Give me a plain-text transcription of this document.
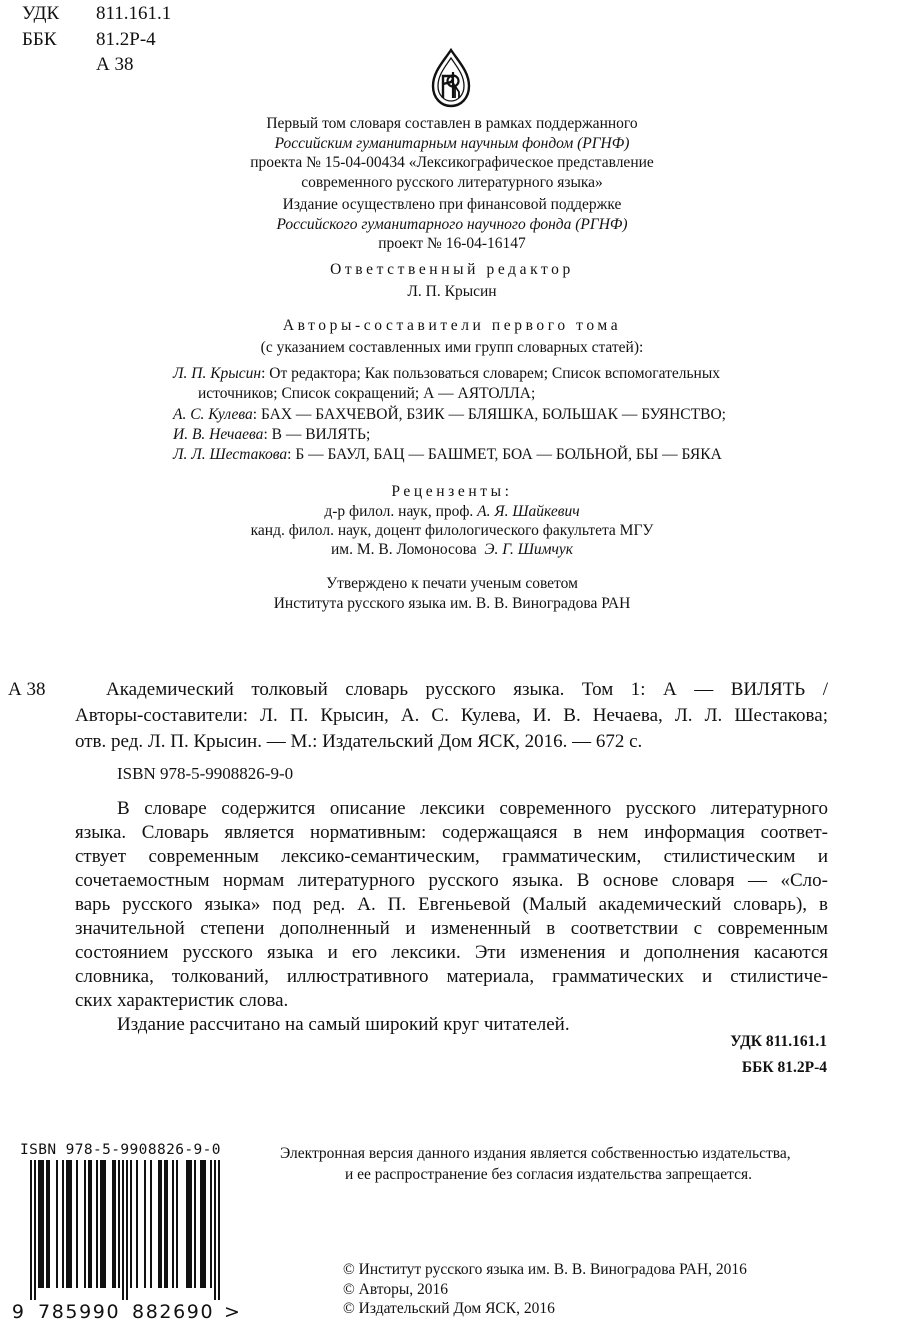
УДК 811.161.1
ББК 81.2Р-4
А 38
Первый том словаря составлен в рамках поддержанного
Российским гуманитарным научным фондом (РГНФ)
проекта № 15-04-00434 «Лексикографическое представление
современного русского литературного языка»
Издание осуществлено при финансовой поддержке
Российского гуманитарного научного фонда (РГНФ)
проект № 16-04-16147
Ответственный редактор
Л. П. Крысин
Авторы-составители первого тома
(с указанием составленных ими групп словарных статей):
Л. П. Крысин: От редактора; Как пользоваться словарем; Список вспомогательных
источников; Список сокращений; А — АЯТОЛЛА;
А. С. Кулева: БАХ — БАХЧЕВОЙ, БЗИК — БЛЯШКА, БОЛЬШАК — БУЯНСТВО;
И. В. Нечаева: В — ВИЛЯТЬ;
Л. Л. Шестакова: Б — БАУЛ, БАЦ — БАШМЕТ, БОА — БОЛЬНОЙ, БЫ — БЯКА
Рецензенты:
д-р филол. наук, проф. А. Я. Шайкевич
канд. филол. наук, доцент филологического факультета МГУ
им. М. В. Ломоносова Э. Г. Шимчук
Утверждено к печати ученым советом
Института русского языка им. В. В. Виноградова РАН
А 38	Академический толковый словарь русского языка. Том 1: А — ВИЛЯТЬ /
Авторы-составители: Л. П. Крысин, А. С. Кулева, И. В. Нечаева, Л. Л. Шестакова;
отв. ред. Л. П. Крысин. — М.: Издательский Дом ЯСК, 2016. — 672 с.
ISBN 978-5-9908826-9-0
В словаре содержится описание лексики современного русского литературного
языка. Словарь является нормативным: содержащаяся в нем информация соответ-
ствует современным лексико-семантическим, грамматическим, стилистическим и
сочетаемостным нормам литературного русского языка. В основе словаря — «Сло-
варь русского языка» под ред. А. П. Евгеньевой (Малый академический словарь), в
значительной степени дополненный и измененный в соответствии с современным
состоянием русского языка и его лексики. Эти изменения и дополнения касаются
словника, толкований, иллюстративного материала, грамматических и стилистиче-
ских характеристик слова.
Издание рассчитано на самый широкий круг читателей.
УДК 811.161.1
ББК 81.2Р-4
ISBN 978-5-9908826-9-0
9 785990 882690 >
Электронная версия данного издания является собственностью издательства,
и ее распространение без согласия издательства запрещается.
© Институт русского языка им. В. В. Виноградова РАН, 2016
© Авторы, 2016
© Издательский Дом ЯСК, 2016
